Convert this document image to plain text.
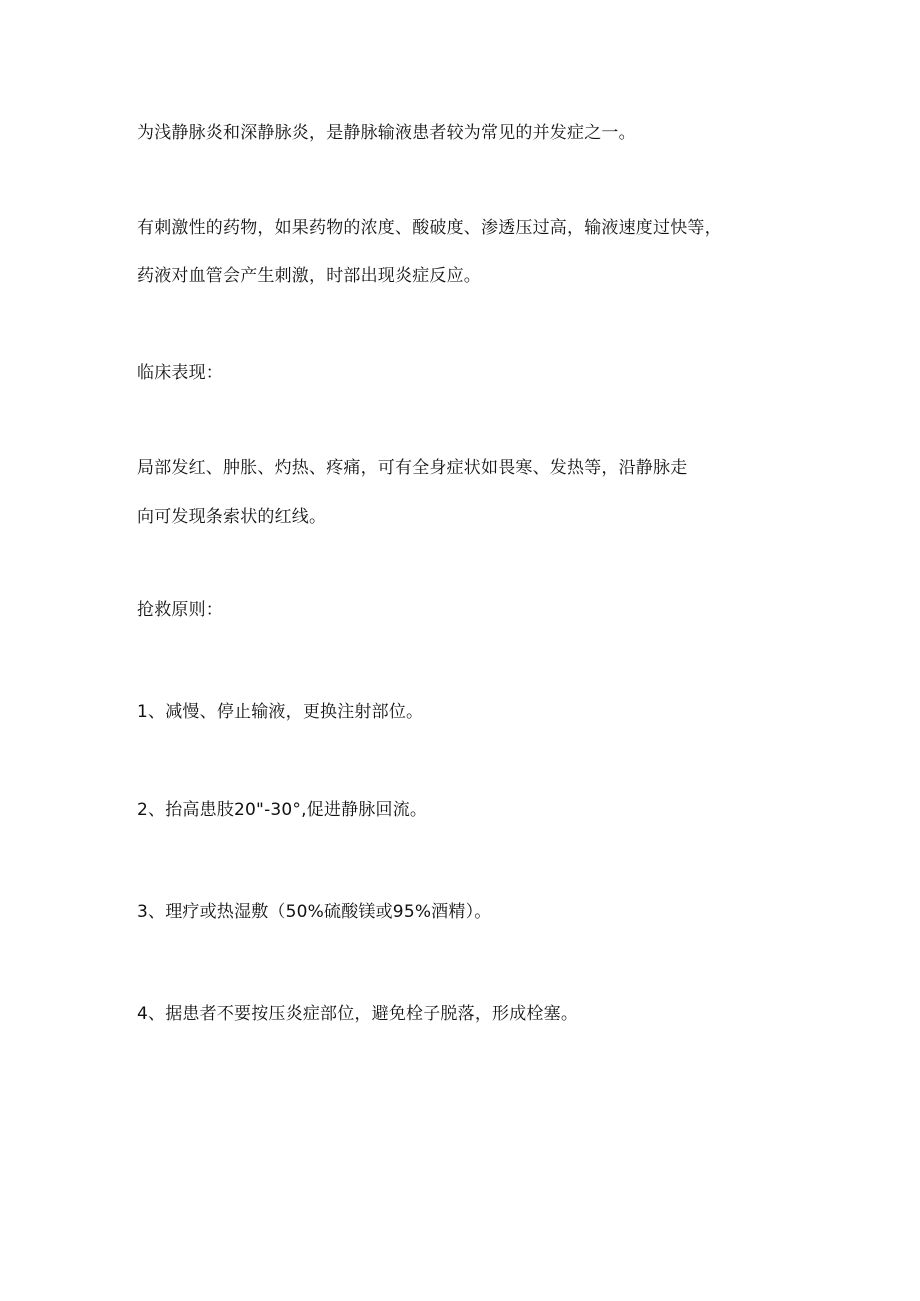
为浅静脉炎和深静脉炎，是静脉输液患者较为常见的并发症之一。
有刺激性的药物，如果药物的浓度、酸破度、渗透压过高，输液速度过快等，
药液对血管会产生刺激，时部出现炎症反应。
临床表现：
局部发红、肿胀、灼热、疼痛，可有全身症状如畏寒、发热等，沿静脉走
向可发现条索状的红线。
抢救原则：
1、减慢、停止输液，更换注射部位。
2、抬高患肢20"-30°,促进静脉回流。
3、理疗或热湿敷（50%硫酸镁或95%酒精）。
4、据患者不要按压炎症部位，避免栓子脱落，形成栓塞。
